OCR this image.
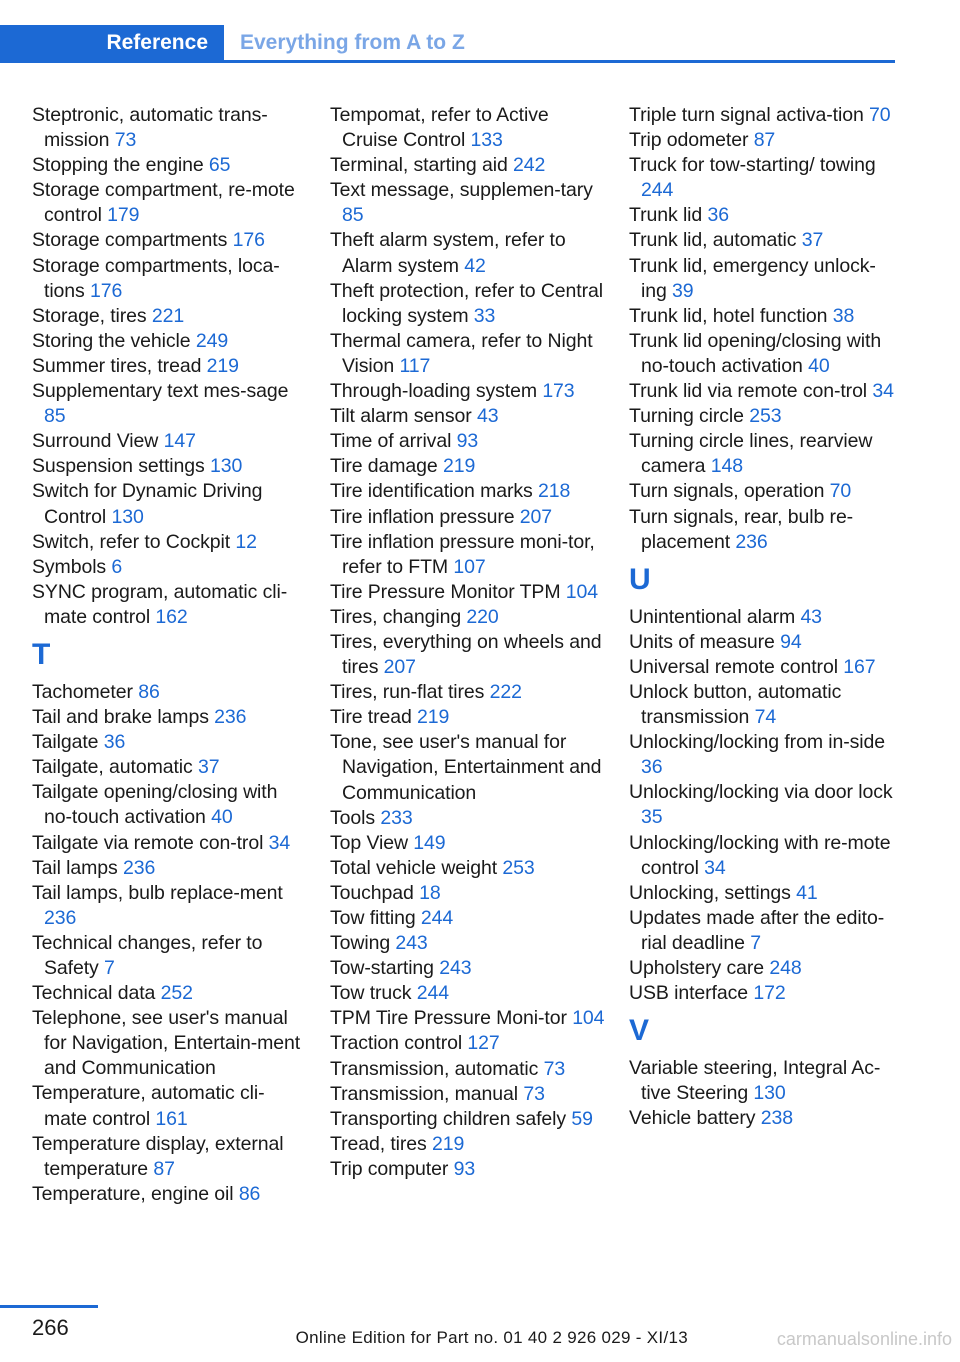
Reference	Everything from A to Z
Steptronic, automatic trans-mission 73
Stopping the engine 65
Storage compartment, re-mote control 179
Storage compartments 176
Storage compartments, loca-tions 176
Storage, tires 221
Storing the vehicle 249
Summer tires, tread 219
Supplementary text mes-sage 85
Surround View 147
Suspension settings 130
Switch for Dynamic Driving Control 130
Switch, refer to Cockpit 12
Symbols 6
SYNC program, automatic cli-mate control 162
T
Tachometer 86
Tail and brake lamps 236
Tailgate 36
Tailgate, automatic 37
Tailgate opening/closing with no-touch activation 40
Tailgate via remote con-trol 34
Tail lamps 236
Tail lamps, bulb replace-ment 236
Technical changes, refer to Safety 7
Technical data 252
Telephone, see user's manual for Navigation, Entertain-ment and Communication
Temperature, automatic cli-mate control 161
Temperature display, external temperature 87
Temperature, engine oil 86
Tempomat, refer to Active Cruise Control 133
Terminal, starting aid 242
Text message, supplemen-tary 85
Theft alarm system, refer to Alarm system 42
Theft protection, refer to Central locking system 33
Thermal camera, refer to Night Vision 117
Through-loading system 173
Tilt alarm sensor 43
Time of arrival 93
Tire damage 219
Tire identification marks 218
Tire inflation pressure 207
Tire inflation pressure moni-tor, refer to FTM 107
Tire Pressure Monitor TPM 104
Tires, changing 220
Tires, everything on wheels and tires 207
Tires, run-flat tires 222
Tire tread 219
Tone, see user's manual for Navigation, Entertainment and Communication
Tools 233
Top View 149
Total vehicle weight 253
Touchpad 18
Tow fitting 244
Towing 243
Tow-starting 243
Tow truck 244
TPM Tire Pressure Moni-tor 104
Traction control 127
Transmission, automatic 73
Transmission, manual 73
Transporting children safely 59
Tread, tires 219
Trip computer 93
Triple turn signal activa-tion 70
Trip odometer 87
Truck for tow-starting/ towing 244
Trunk lid 36
Trunk lid, automatic 37
Trunk lid, emergency unlock-ing 39
Trunk lid, hotel function 38
Trunk lid opening/closing with no-touch activation 40
Trunk lid via remote con-trol 34
Turning circle 253
Turning circle lines, rearview camera 148
Turn signals, operation 70
Turn signals, rear, bulb re-placement 236
U
Unintentional alarm 43
Units of measure 94
Universal remote control 167
Unlock button, automatic transmission 74
Unlocking/locking from in-side 36
Unlocking/locking via door lock 35
Unlocking/locking with re-mote control 34
Unlocking, settings 41
Updates made after the edito-rial deadline 7
Upholstery care 248
USB interface 172
V
Variable steering, Integral Ac-tive Steering 130
Vehicle battery 238
266	Online Edition for Part no. 01 40 2 926 029 - XI/13	carmanualsonline.info
